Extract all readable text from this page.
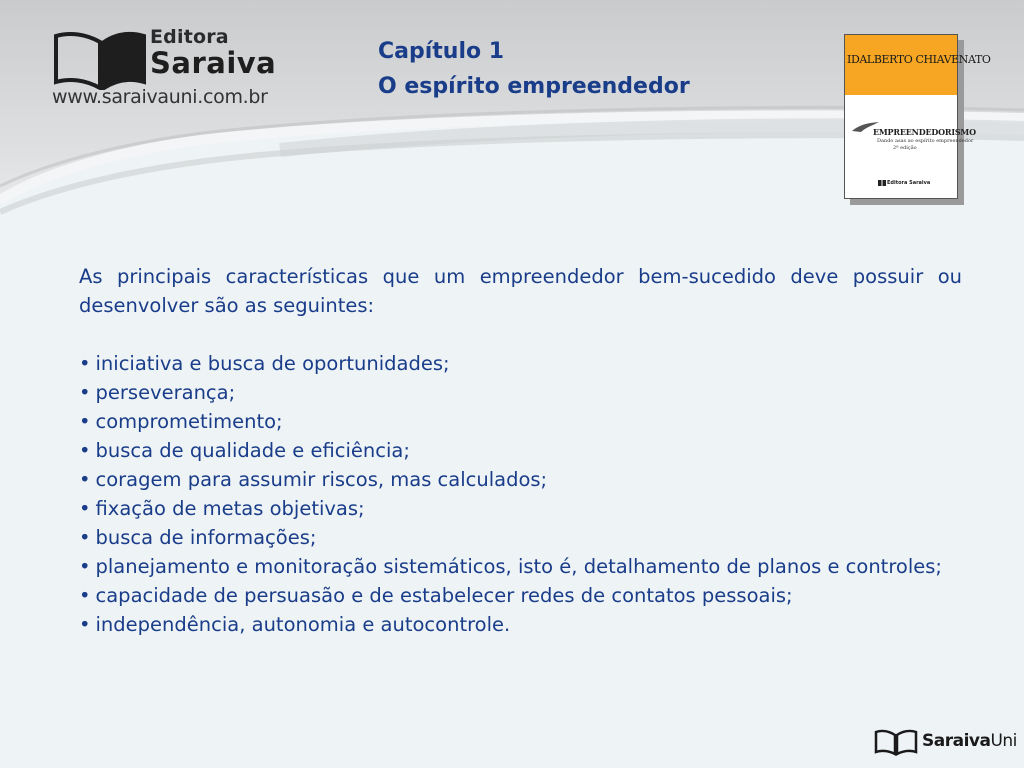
Editora
Saraiva
www.saraivauni.com.br
Capítulo 1
O espírito empreendedor
IDALBERTO CHIAVENATO
EMPREENDEDORISMO
Dando asas ao espírito empreendedor
2ª edição
Editora Saraiva

As principais características que um empreendedor bem-sucedido deve possuir ou desenvolver são as seguintes:

• iniciativa e busca de oportunidades;
• perseverança;
• comprometimento;
• busca de qualidade e eficiência;
• coragem para assumir riscos, mas calculados;
• fixação de metas objetivas;
• busca de informações;
• planejamento e monitoração sistemáticos, isto é, detalhamento de planos e controles;
• capacidade de persuasão e de estabelecer redes de contatos pessoais;
• independência, autonomia e autocontrole.
SaraivaUni
